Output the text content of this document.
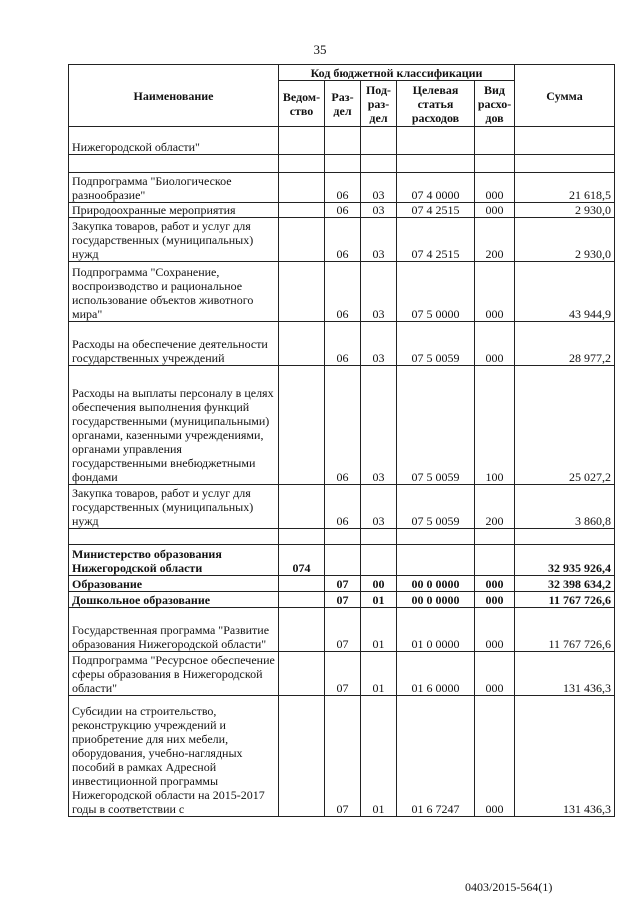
35
Наименование	Код бюджетной классификации					Сумма
	Ведом-ство	Раз-дел	Под-раз-дел	Целевая статья расходов	Вид расхо-дов	
Нижегородской области"						

Подпрограмма "Биологическое разнообразие"		06	03	07 4 0000	000	21 618,5
Природоохранные мероприятия		06	03	07 4 2515	000	2 930,0
Закупка товаров, работ и услуг для государственных (муниципальных) нужд		06	03	07 4 2515	200	2 930,0
Подпрограмма "Сохранение, воспроизводство и рациональное использование объектов животного мира"		06	03	07 5 0000	000	43 944,9
Расходы на обеспечение деятельности государственных учреждений		06	03	07 5 0059	000	28 977,2
Расходы на выплаты персоналу в целях обеспечения выполнения функций государственными (муниципальными) органами, казенными учреждениями, органами управления государственными внебюджетными фондами		06	03	07 5 0059	100	25 027,2
Закупка товаров, работ и услуг для государственных (муниципальных) нужд		06	03	07 5 0059	200	3 860,8

Министерство образования Нижегородской области	074					32 935 926,4
Образование		07	00	00 0 0000	000	32 398 634,2
Дошкольное образование		07	01	00 0 0000	000	11 767 726,6
Государственная программа "Развитие образования Нижегородской области"		07	01	01 0 0000	000	11 767 726,6
Подпрограмма "Ресурсное обеспечение сферы образования в Нижегородской области"		07	01	01 6 0000	000	131 436,3
Субсидии на строительство, реконструкцию учреждений и приобретение для них мебели, оборудования, учебно-наглядных пособий в рамках Адресной инвестиционной программы Нижегородской области на 2015-2017 годы в соответствии с		07	01	01 6 7247	000	131 436,3
0403/2015-564(1)
